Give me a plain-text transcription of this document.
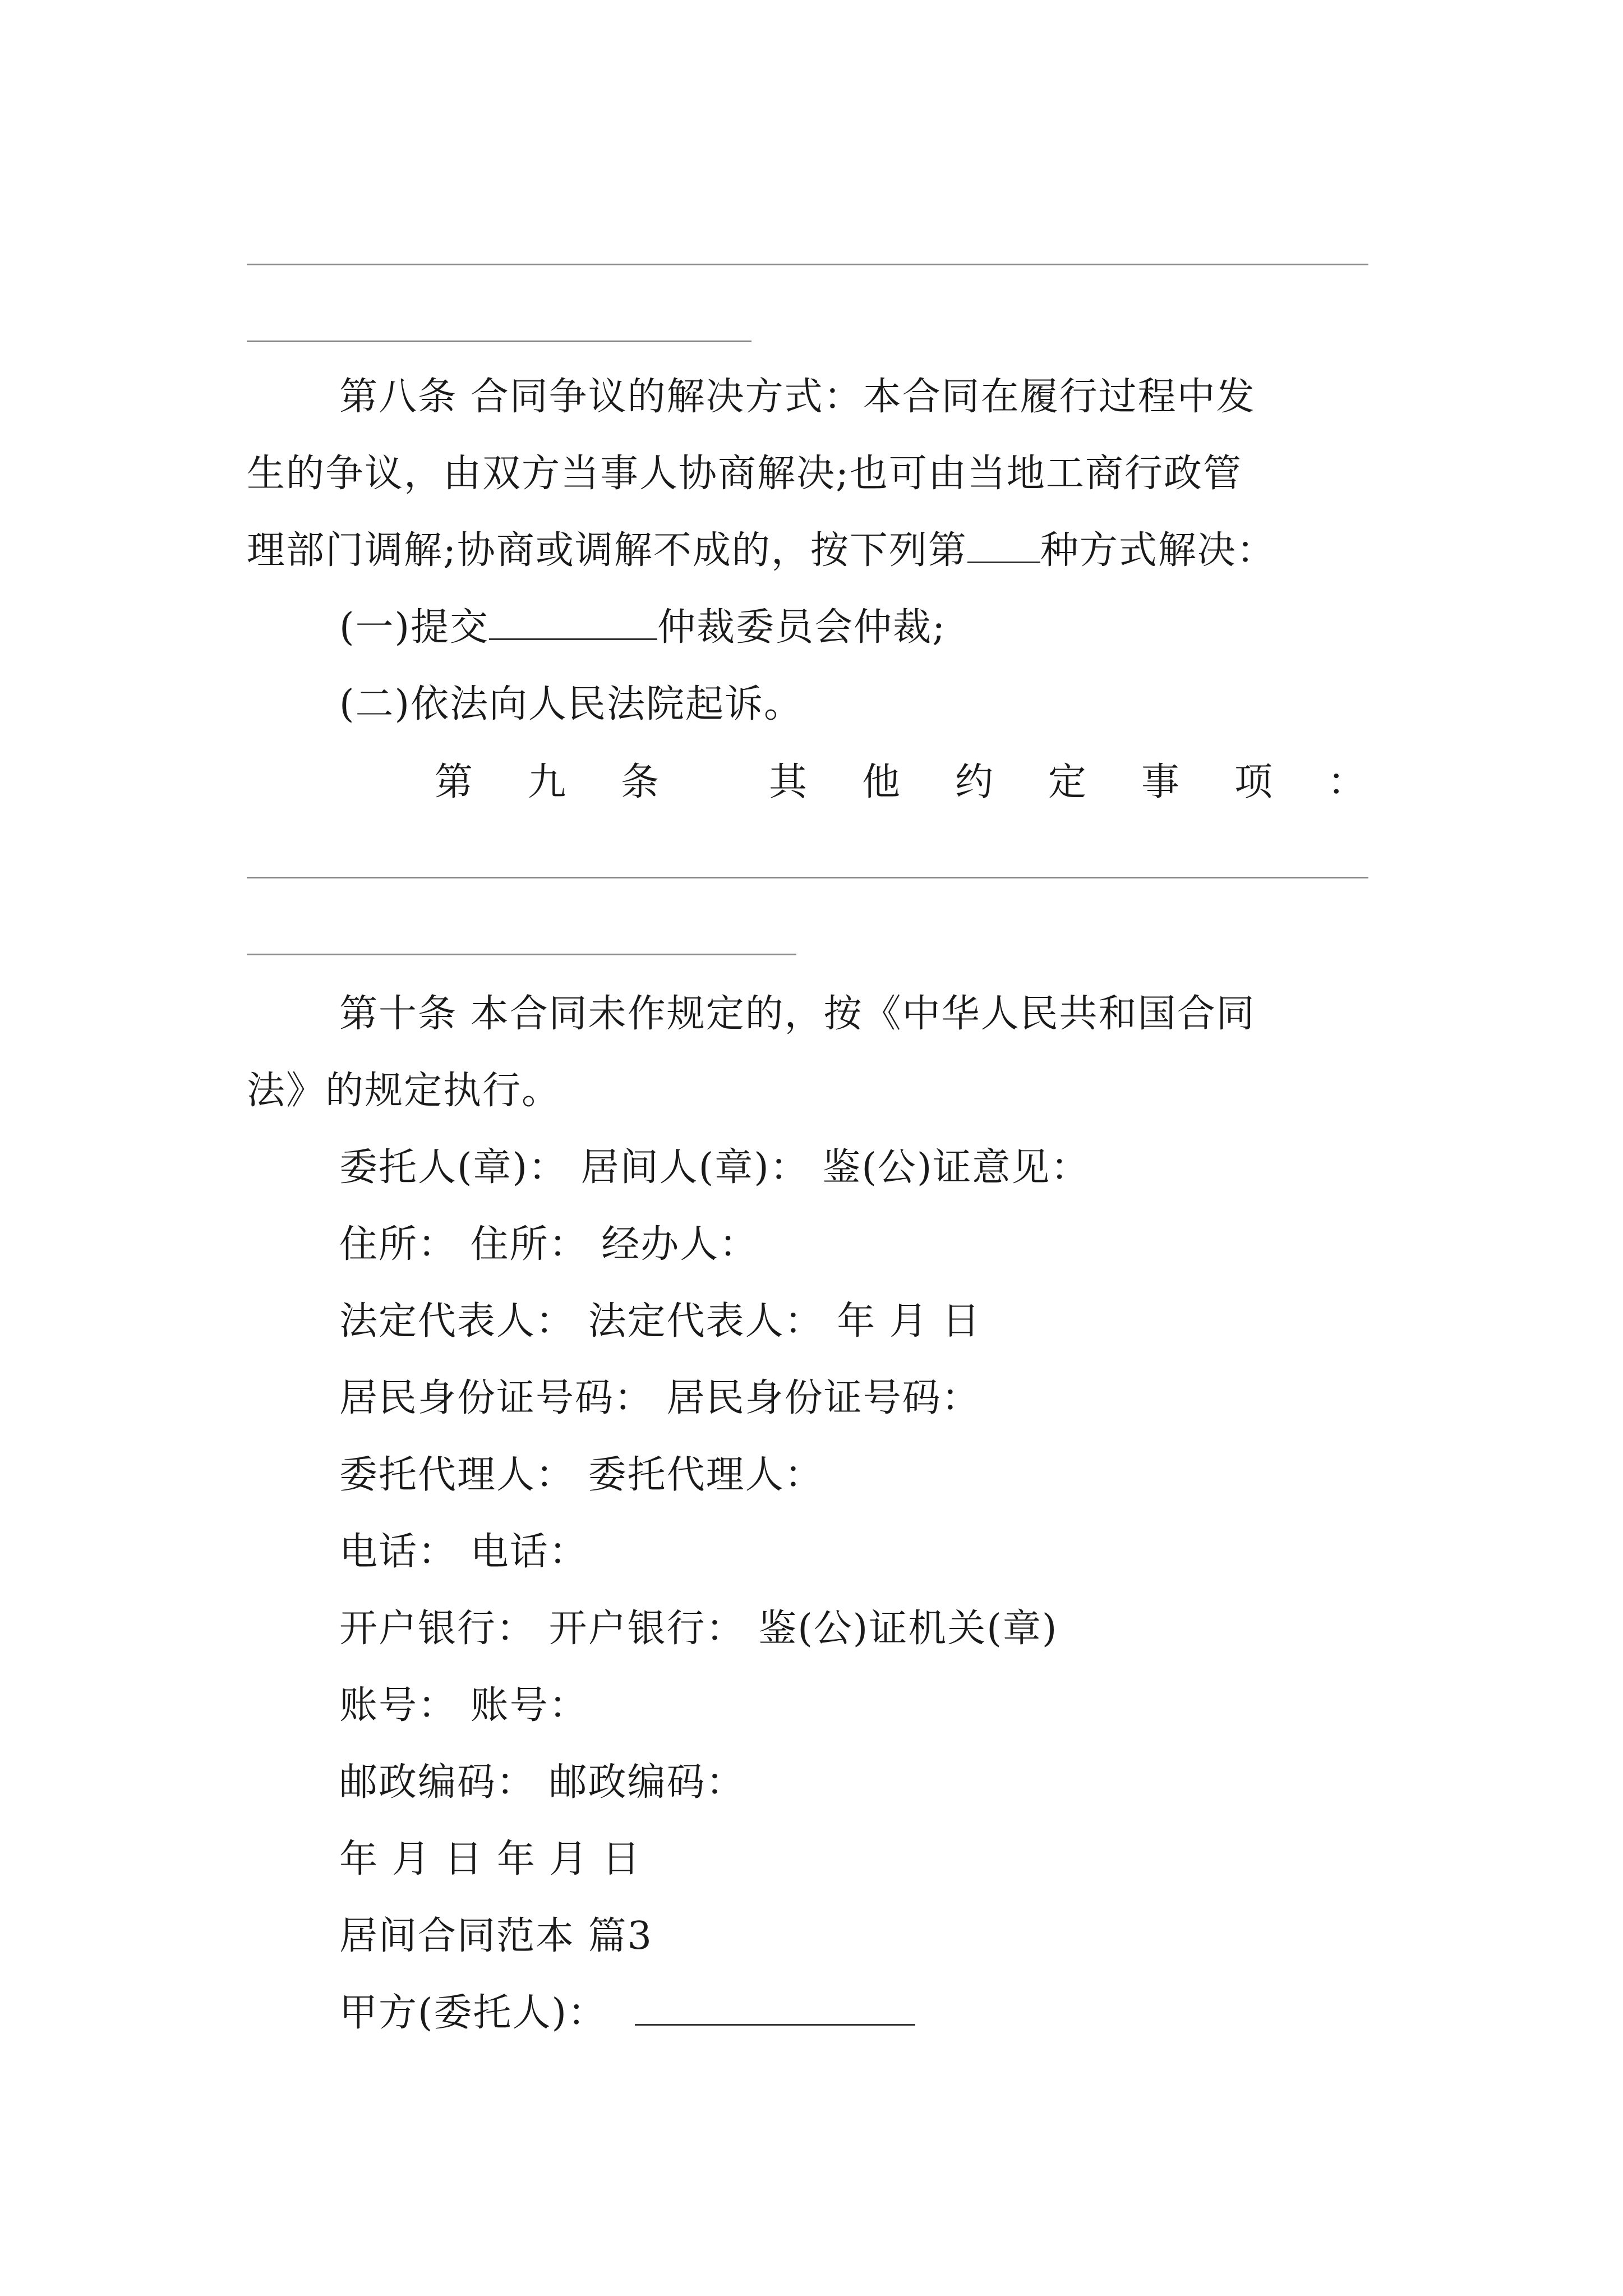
第八条 合同争议的解决方式：本合同在履行过程中发
生的争议，由双方当事人协商解决;也可由当地工商行政管
理部门调解;协商或调解不成的，按下列第 种方式解决：
(一)提交	仲裁委员会仲裁;
(二)依法向人民法院起诉。
第 九 条	其 他 约 定 事 项 ：
第十条 本合同未作规定的，按《中华人民共和国合同
法》的规定执行。
委托人(章)： 居间人(章)： 鉴(公)证意见：
住所： 住所： 经办人：
法定代表人： 法定代表人： 年 月 日
居民身份证号码： 居民身份证号码：
委托代理人： 委托代理人：
电话： 电话：
开户银行： 开户银行： 鉴(公)证机关(章)
账号： 账号：
邮政编码： 邮政编码：
年 月 日 年 月 日
居间合同范本 篇3
甲方(委托人)：
